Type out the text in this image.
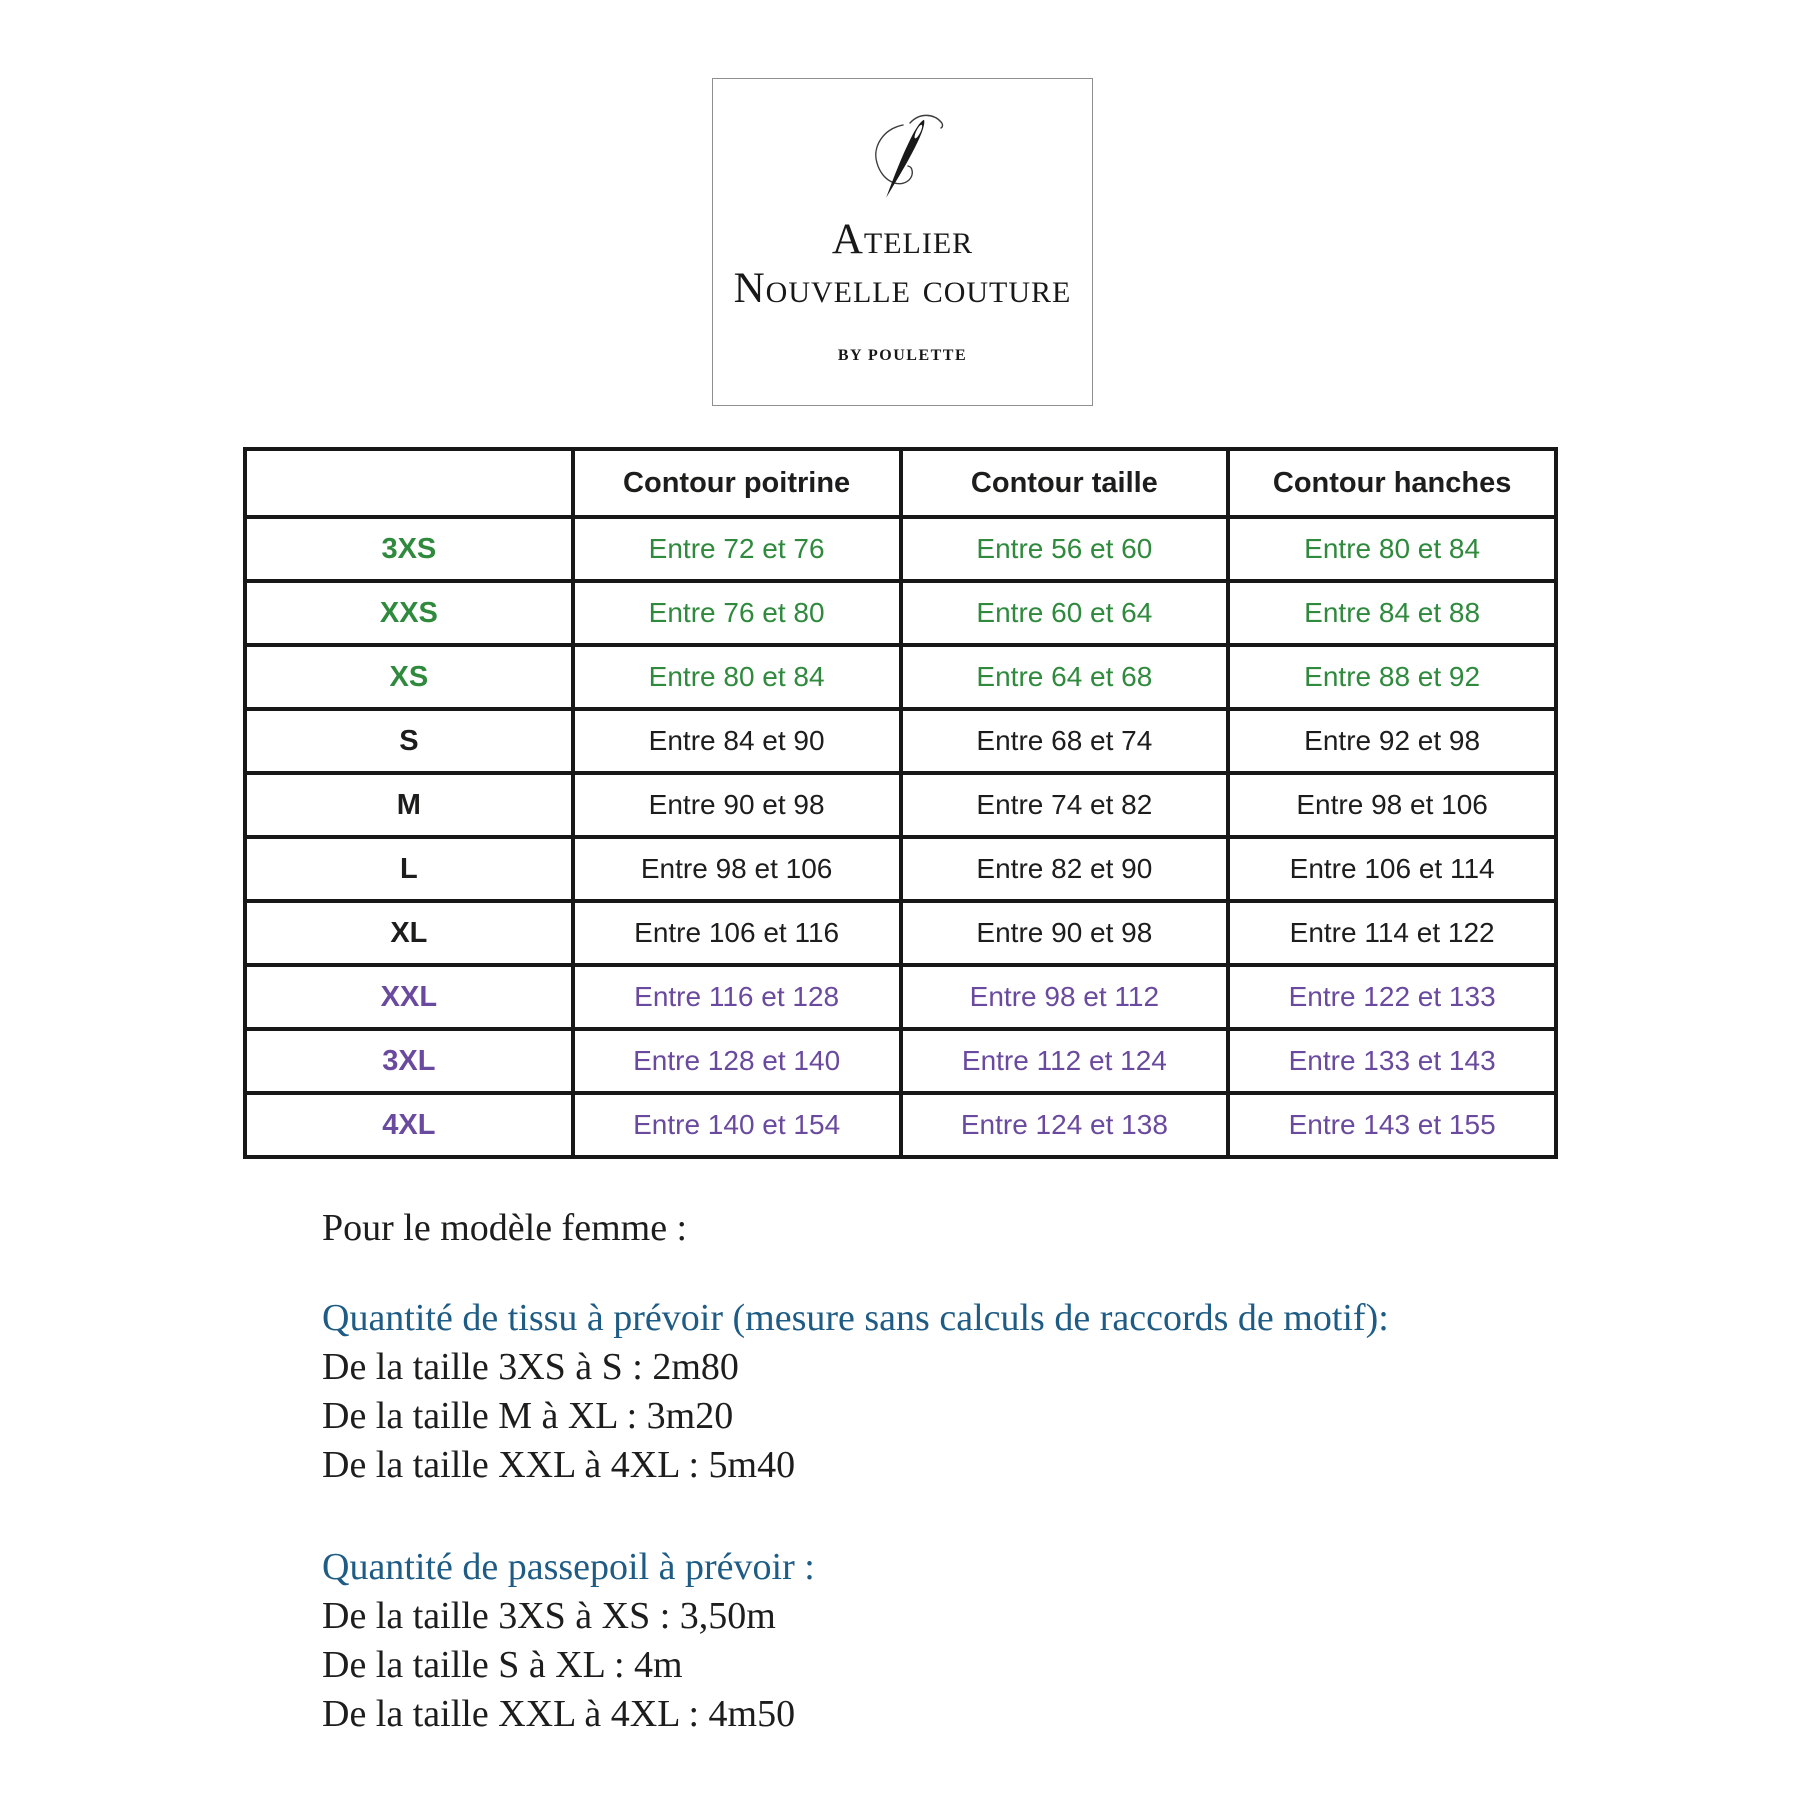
Atelier
Nouvelle couture
BY POULETTE
	Contour poitrine	Contour taille	Contour hanches
3XS	Entre 72 et 76	Entre 56 et 60	Entre 80 et 84
XXS	Entre 76 et 80	Entre 60 et 64	Entre 84 et 88
XS	Entre 80 et 84	Entre 64 et 68	Entre 88 et 92
S	Entre 84 et 90	Entre 68 et 74	Entre 92 et 98
M	Entre 90 et 98	Entre 74 et 82	Entre 98 et 106
L	Entre 98 et 106	Entre 82 et 90	Entre 106 et 114
XL	Entre 106 et 116	Entre 90 et 98	Entre 114 et 122
XXL	Entre 116 et 128	Entre 98 et 112	Entre 122 et 133
3XL	Entre 128 et 140	Entre 112 et 124	Entre 133 et 143
4XL	Entre 140 et 154	Entre 124 et 138	Entre 143 et 155
Pour le modèle femme :
Quantité de tissu à prévoir (mesure sans calculs de raccords de motif):
De la taille 3XS à S : 2m80
De la taille M à XL : 3m20
De la taille XXL à 4XL : 5m40
Quantité de passepoil à prévoir :
De la taille 3XS à XS : 3,50m
De la taille S à XL : 4m
De la taille XXL à 4XL : 4m50
